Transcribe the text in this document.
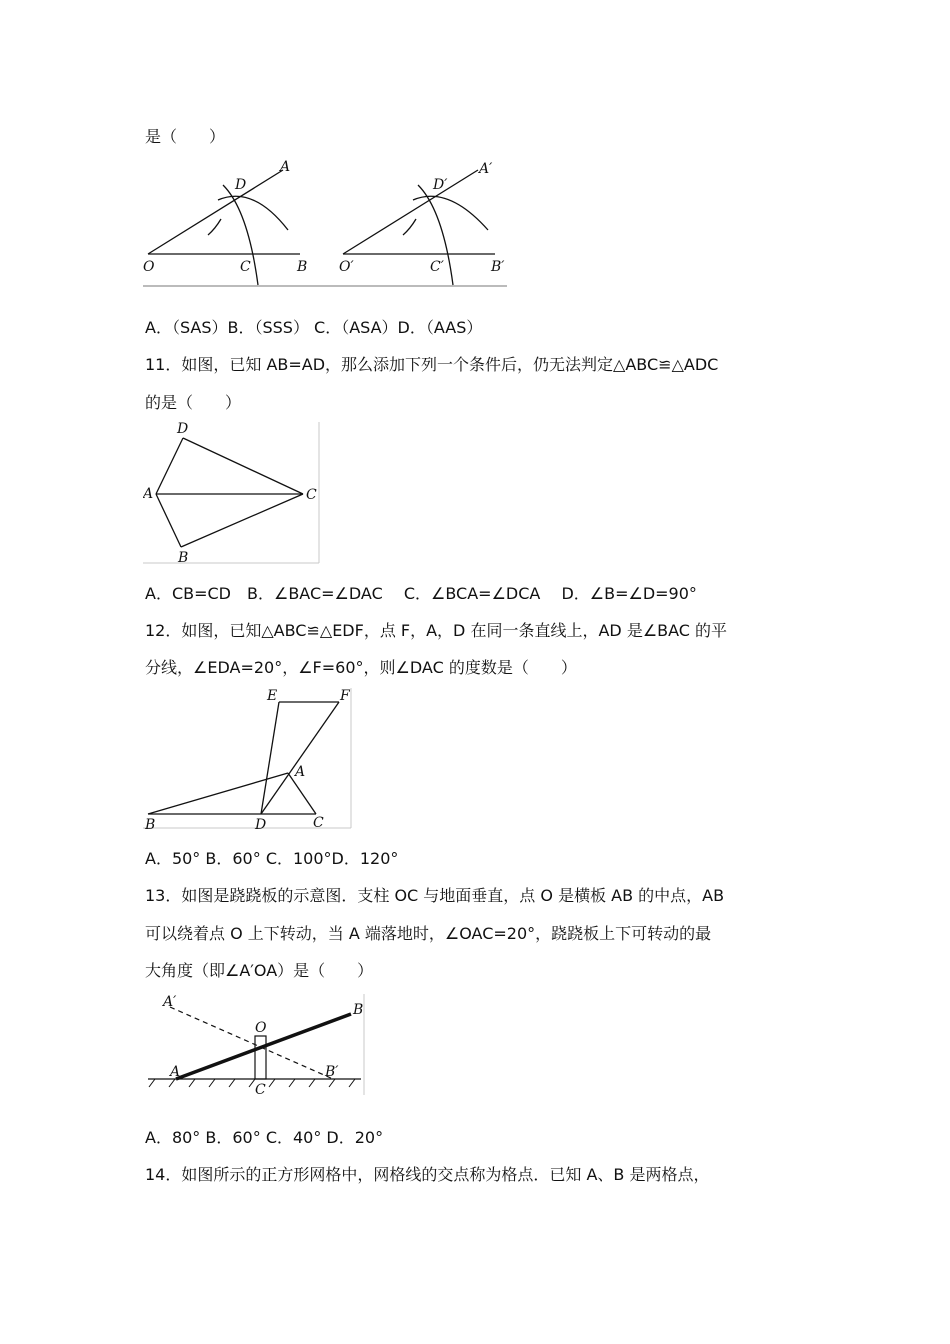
是（　　）
O	C	B
D
A
O′	C′	B′
D′
A′
A．（SAS）B．（SSS） C．（ASA）D．（AAS）
11．如图，已知 AB=AD，那么添加下列一个条件后，仍无法判定△ABC≌△ADC
的是（　　）
D
A
B
C
A．CB=CD　B．∠BAC=∠DAC　 C．∠BCA=∠DCA　 D．∠B=∠D=90°
12．如图，已知△ABC≌△EDF，点 F，A，D 在同一条直线上，AD 是∠BAC 的平
分线，∠EDA=20°，∠F=60°，则∠DAC 的度数是（　　）
E	F
A
B	D	C
A．50° B．60° C．100°D．120°
13．如图是跷跷板的示意图．支柱 OC 与地面垂直，点 O 是横板 AB 的中点，AB
可以绕着点 O 上下转动，当 A 端落地时，∠OAC=20°，跷跷板上下可转动的最
大角度（即∠A′OA）是（　　）
A′
O
B
A	B′
C
A．80° B．60° C．40° D．20°
14．如图所示的正方形网格中，网格线的交点称为格点．已知 A、B 是两格点，
